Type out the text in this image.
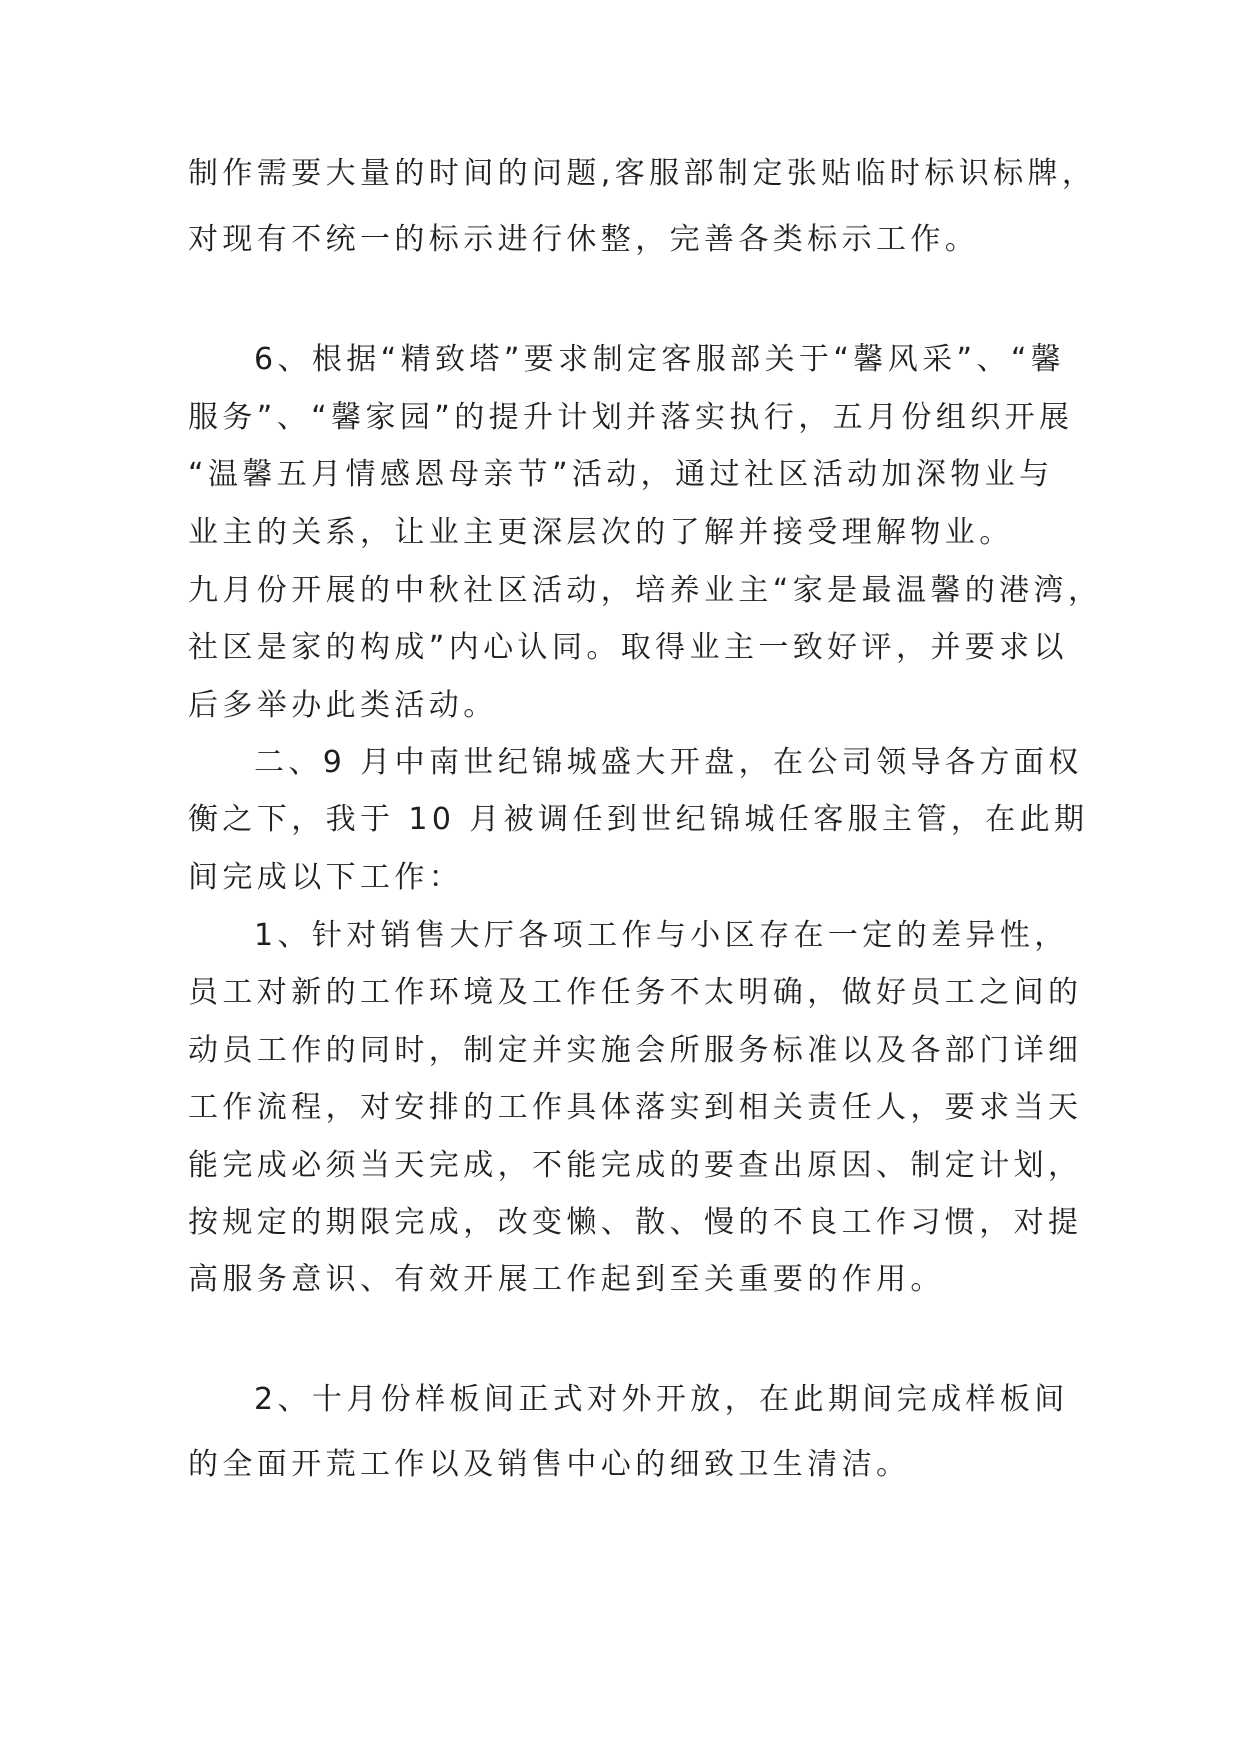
制作需要大量的时间的问题,客服部制定张贴临时标识标牌，

对现有不统一的标示进行休整，完善各类标示工作。

6、根据“精致塔”要求制定客服部关于“馨风采”、“馨

服务”、“馨家园”的提升计划并落实执行，五月份组织开展

“温馨五月情感恩母亲节”活动，通过社区活动加深物业与

业主的关系，让业主更深层次的了解并接受理解物业。

九月份开展的中秋社区活动，培养业主“家是最温馨的港湾，

社区是家的构成”内心认同。取得业主一致好评，并要求以

后多举办此类活动。

二、9 月中南世纪锦城盛大开盘，在公司领导各方面权

衡之下，我于 10 月被调任到世纪锦城任客服主管，在此期

间完成以下工作：

1、针对销售大厅各项工作与小区存在一定的差异性，

员工对新的工作环境及工作任务不太明确，做好员工之间的

动员工作的同时，制定并实施会所服务标准以及各部门详细

工作流程，对安排的工作具体落实到相关责任人，要求当天

能完成必须当天完成，不能完成的要查出原因、制定计划，

按规定的期限完成，改变懒、散、慢的不良工作习惯，对提

高服务意识、有效开展工作起到至关重要的作用。

2、十月份样板间正式对外开放，在此期间完成样板间

的全面开荒工作以及销售中心的细致卫生清洁。
